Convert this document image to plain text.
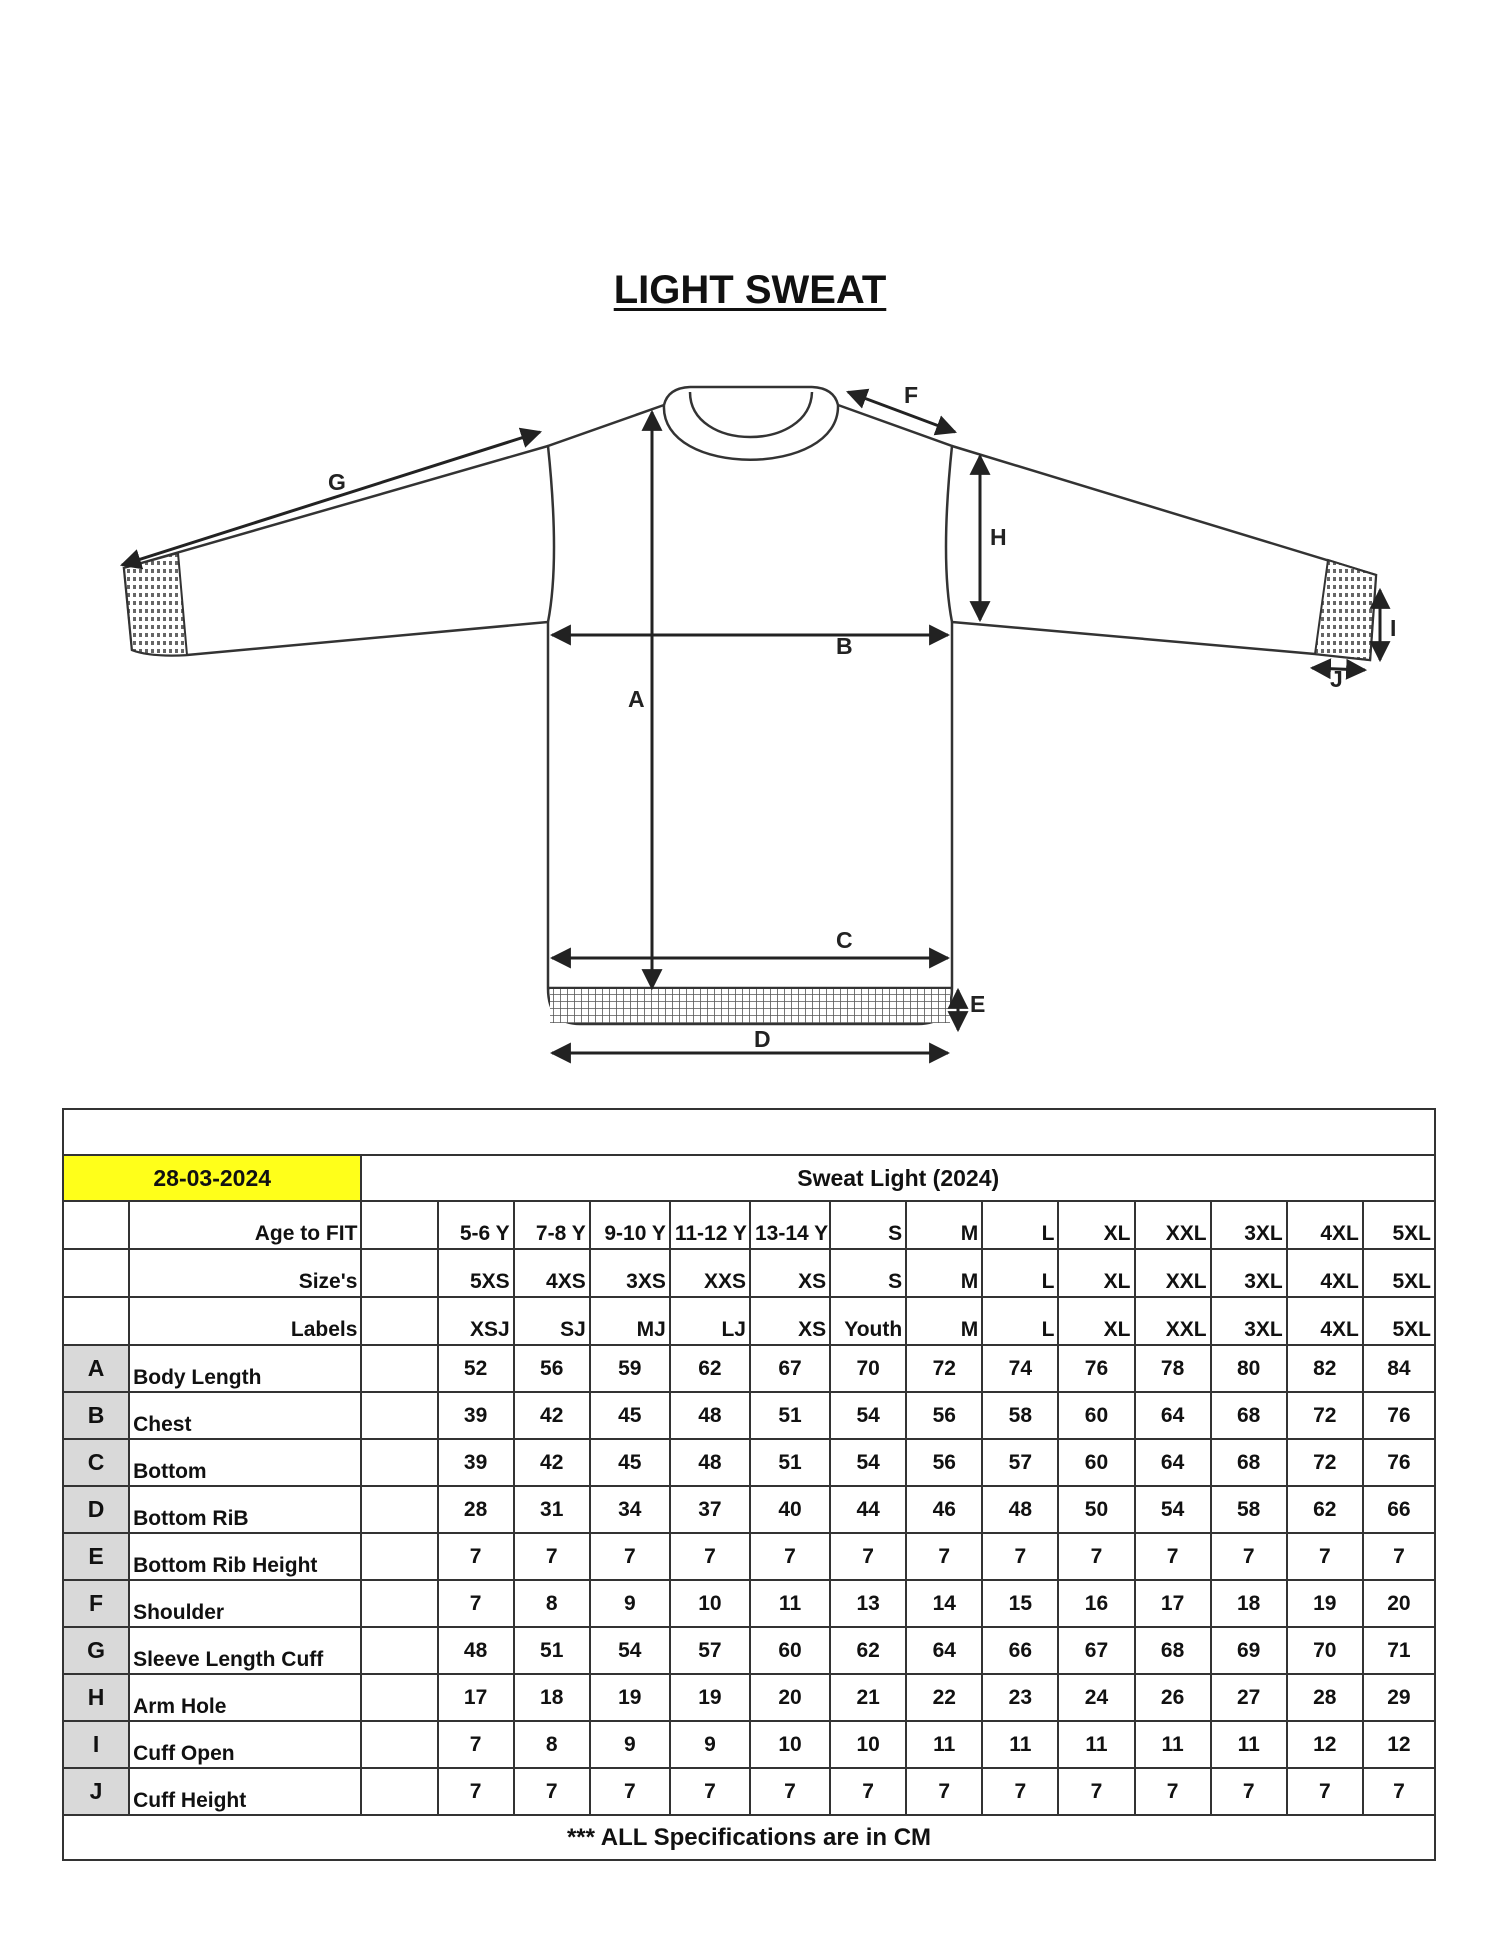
LIGHT SWEAT
A
B
C
D
E
F
G
H
I
J

28-03-2024		Sweat Light (2024)													
	Age to FIT		5-6 Y	7-8 Y	9-10 Y	11-12 Y	13-14 Y	S	M	L	XL	XXL	3XL	4XL	5XL
	Size's		5XS	4XS	3XS	XXS	XS	S	M	L	XL	XXL	3XL	4XL	5XL
	Labels		XSJ	SJ	MJ	LJ	XS	Youth	M	L	XL	XXL	3XL	4XL	5XL
A	Body Length		52	56	59	62	67	70	72	74	76	78	80	82	84
B	Chest		39	42	45	48	51	54	56	58	60	64	68	72	76
C	Bottom		39	42	45	48	51	54	56	57	60	64	68	72	76
D	Bottom RiB		28	31	34	37	40	44	46	48	50	54	58	62	66
E	Bottom Rib Height		7	7	7	7	7	7	7	7	7	7	7	7	7
F	Shoulder		7	8	9	10	11	13	14	15	16	17	18	19	20
G	Sleeve Length Cuff		48	51	54	57	60	62	64	66	67	68	69	70	71
H	Arm Hole		17	18	19	19	20	21	22	23	24	26	27	28	29
I	Cuff Open		7	8	9	9	10	10	11	11	11	11	11	12	12
J	Cuff Height		7	7	7	7	7	7	7	7	7	7	7	7	7
*** ALL Specifications are in CM															
